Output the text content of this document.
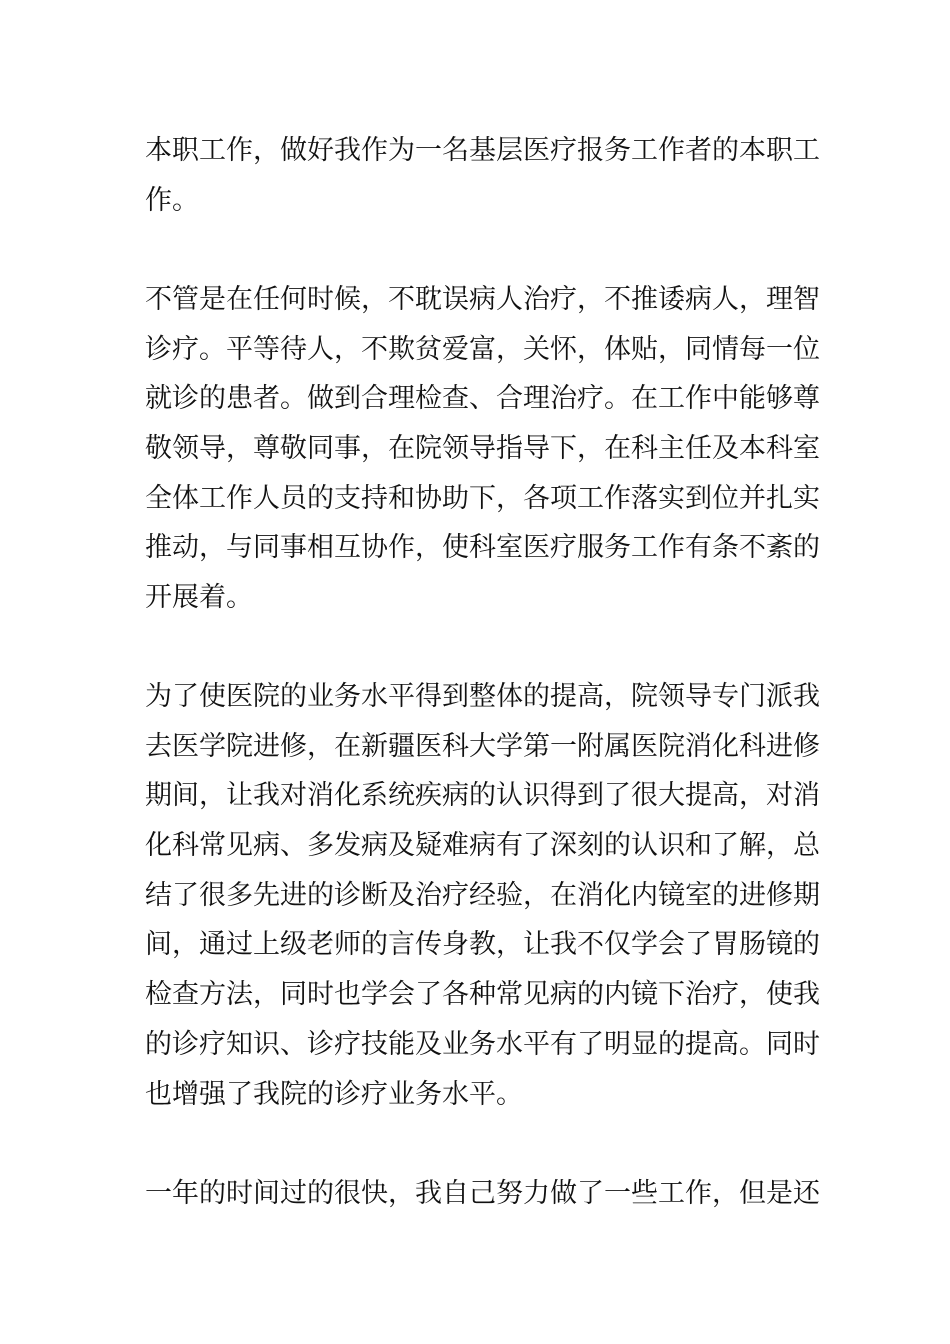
本职工作，做好我作为一名基层医疗报务工作者的本职工
作。
不管是在任何时候，不耽误病人治疗，不推诿病人，理智
诊疗。平等待人，不欺贫爱富，关怀，体贴，同情每一位
就诊的患者。做到合理检查、合理治疗。在工作中能够尊
敬领导，尊敬同事，在院领导指导下，在科主任及本科室
全体工作人员的支持和协助下，各项工作落实到位并扎实
推动，与同事相互协作，使科室医疗服务工作有条不紊的
开展着。
为了使医院的业务水平得到整体的提高，院领导专门派我
去医学院进修，在新疆医科大学第一附属医院消化科进修
期间，让我对消化系统疾病的认识得到了很大提高，对消
化科常见病、多发病及疑难病有了深刻的认识和了解，总
结了很多先进的诊断及治疗经验，在消化内镜室的进修期
间，通过上级老师的言传身教，让我不仅学会了胃肠镜的
检查方法，同时也学会了各种常见病的内镜下治疗，使我
的诊疗知识、诊疗技能及业务水平有了明显的提高。同时
也增强了我院的诊疗业务水平。
一年的时间过的很快，我自己努力做了一些工作，但是还
